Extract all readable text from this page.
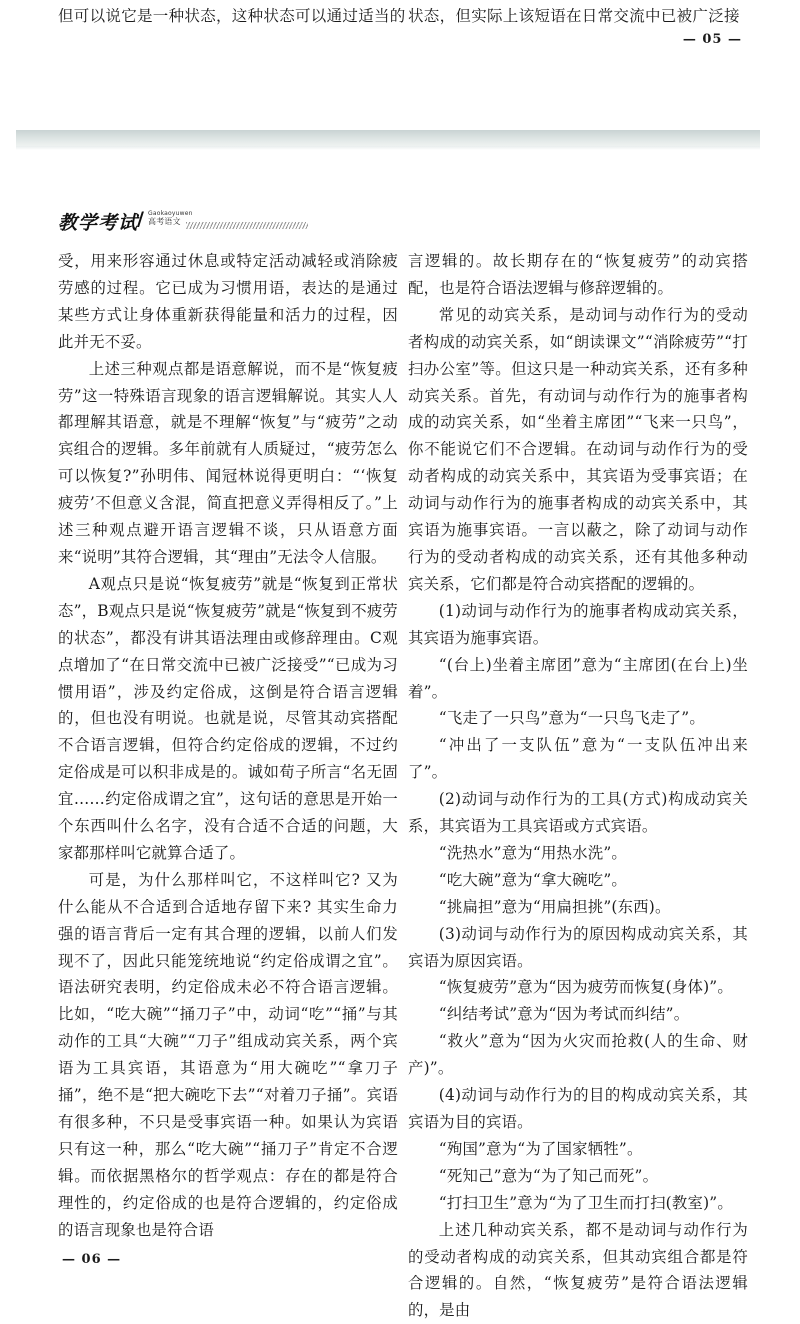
但可以说它是一种状态，这种状态可以通过适当的 状态，但实际上该短语在日常交流中已被广泛接
— 05 —
教学考试
/ Gaokaoyuwen
高考语文

受，用来形容通过休息或特定活动减轻或消除疲劳感的过程。它已成为习惯用语，表达的是通过某些方式让身体重新获得能量和活力的过程，因此并无不妥。

上述三种观点都是语意解说，而不是“恢复疲劳”这一特殊语言现象的语言逻辑解说。其实人人都理解其语意，就是不理解“恢复”与“疲劳”之动宾组合的逻辑。多年前就有人质疑过，“疲劳怎么可以恢复?”孙明伟、闻冠林说得更明白：“‘恢复疲劳’不但意义含混，简直把意义弄得相反了。”上述三种观点避开语言逻辑不谈，只从语意方面来“说明”其符合逻辑，其“理由”无法令人信服。

A观点只是说“恢复疲劳”就是“恢复到正常状态”，B观点只是说“恢复疲劳”就是“恢复到不疲劳的状态”，都没有讲其语法理由或修辞理由。C观点增加了“在日常交流中已被广泛接受”“已成为习惯用语”，涉及约定俗成，这倒是符合语言逻辑的，但也没有明说。也就是说，尽管其动宾搭配不合语言逻辑，但符合约定俗成的逻辑，不过约定俗成是可以积非成是的。诚如荀子所言“名无固宜……约定俗成谓之宜”，这句话的意思是开始一个东西叫什么名字，没有合适不合适的问题，大家都那样叫它就算合适了。

可是，为什么那样叫它，不这样叫它? 又为什么能从不合适到合适地存留下来? 其实生命力强的语言背后一定有其合理的逻辑，以前人们发现不了，因此只能笼统地说“约定俗成谓之宜”。语法研究表明，约定俗成未必不符合语言逻辑。比如，“吃大碗”“捅刀子”中，动词“吃”“捅”与其动作的工具“大碗”“刀子”组成动宾关系，两个宾语为工具宾语，其语意为“用大碗吃”“拿刀子捅”，绝不是“把大碗吃下去”“对着刀子捅”。宾语有很多种，不只是受事宾语一种。如果认为宾语只有这一种，那么“吃大碗”“捅刀子”肯定不合逻辑。而依据黑格尔的哲学观点：存在的都是符合理性的，约定俗成的也是符合逻辑的，约定俗成的语言现象也是符合语

言逻辑的。故长期存在的“恢复疲劳”的动宾搭配，也是符合语法逻辑与修辞逻辑的。

常见的动宾关系，是动词与动作行为的受动者构成的动宾关系，如“朗读课文”“消除疲劳”“打扫办公室”等。但这只是一种动宾关系，还有多种动宾关系。首先，有动词与动作行为的施事者构成的动宾关系，如“坐着主席团”“飞来一只鸟”，你不能说它们不合逻辑。在动词与动作行为的受动者构成的动宾关系中，其宾语为受事宾语；在动词与动作行为的施事者构成的动宾关系中，其宾语为施事宾语。一言以蔽之，除了动词与动作行为的受动者构成的动宾关系，还有其他多种动宾关系，它们都是符合动宾搭配的逻辑的。

(1)动词与动作行为的施事者构成动宾关系，其宾语为施事宾语。

“(台上)坐着主席团”意为“主席团(在台上)坐着”。

“飞走了一只鸟”意为“一只鸟飞走了”。

“冲出了一支队伍”意为“一支队伍冲出来了”。

(2)动词与动作行为的工具(方式)构成动宾关系，其宾语为工具宾语或方式宾语。

“洗热水”意为“用热水洗”。

“吃大碗”意为“拿大碗吃”。

“挑扁担”意为“用扁担挑”(东西)。

(3)动词与动作行为的原因构成动宾关系，其宾语为原因宾语。

“恢复疲劳”意为“因为疲劳而恢复(身体)”。

“纠结考试”意为“因为考试而纠结”。

“救火”意为“因为火灾而抢救(人的生命、财产)”。

(4)动词与动作行为的目的构成动宾关系，其宾语为目的宾语。

“殉国”意为“为了国家牺牲”。

“死知己”意为“为了知己而死”。

“打扫卫生”意为“为了卫生而打扫(教室)”。

上述几种动宾关系，都不是动词与动作行为的受动者构成的动宾关系，但其动宾组合都是符合逻辑的。自然，“恢复疲劳”是符合语法逻辑的，是由

— 06 —
